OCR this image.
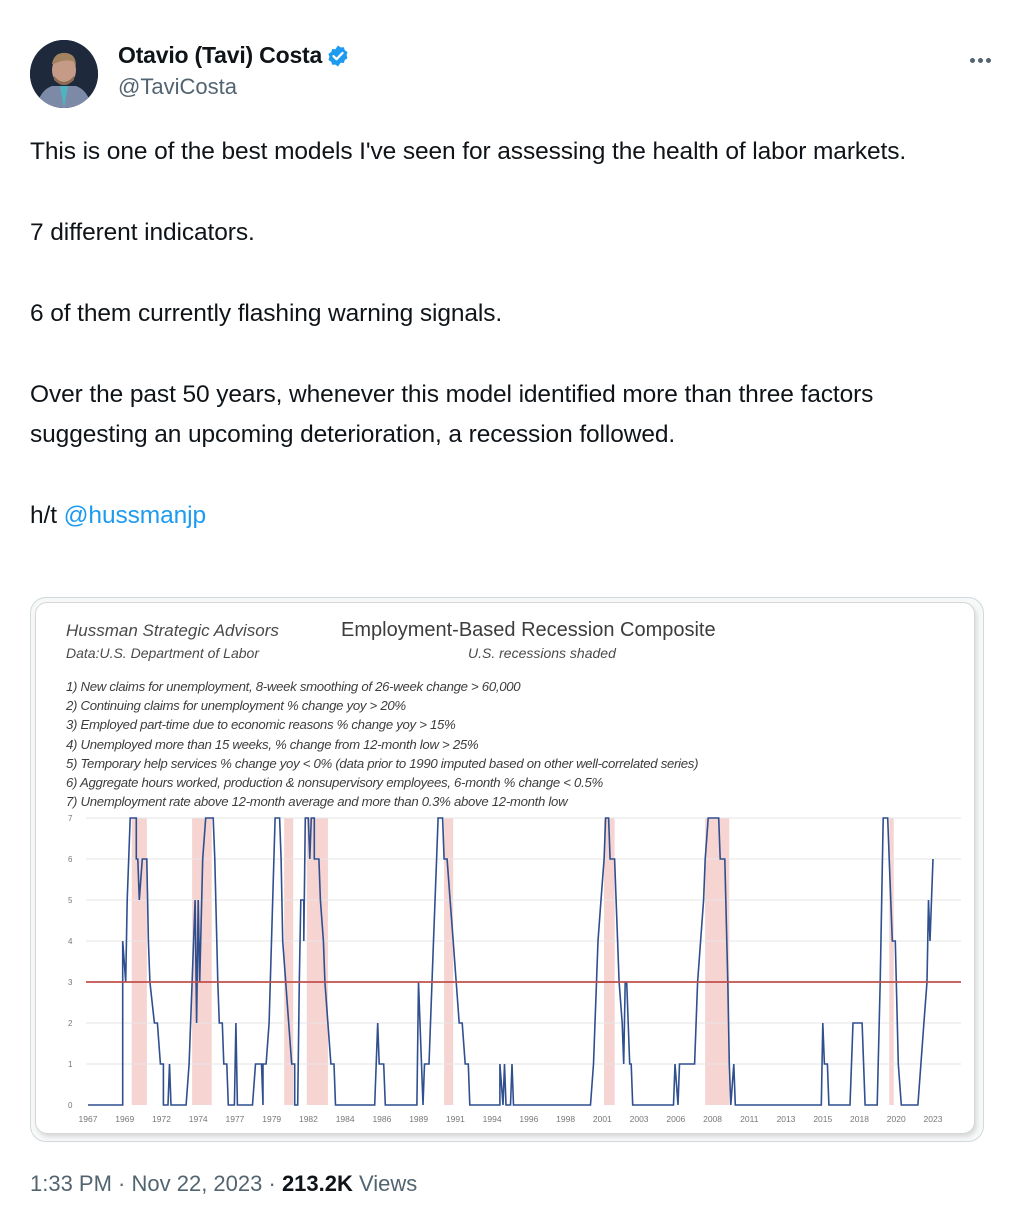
Otavio (Tavi) Costa
@TaviCosta

This is one of the best models I've seen for assessing the health of labor markets.

7 different indicators.

6 of them currently flashing warning signals.

Over the past 50 years, whenever this model identified more than three factors suggesting an upcoming deterioration, a recession followed.

h/t @hussmanjp

Hussman Strategic Advisors
Data:U.S. Department of Labor
Employment-Based Recession Composite
U.S. recessions shaded
1) New claims for unemployment, 8-week smoothing of 26-week change > 60,000
2) Continuing claims for unemployment % change yoy > 20%
3) Employed part-time due to economic reasons % change yoy > 15%
4) Unemployed more than 15 weeks, % change from 12-month low > 25%
5) Temporary help services % change yoy < 0% (data prior to 1990 imputed based on other well-correlated series)
6) Aggregate hours worked, production & nonsupervisory employees, 6-month % change < 0.5%
7) Unemployment rate above 12-month average and more than 0.3% above 12-month low
0
1
2
3
4
5
6
7
1967 1969 1972 1974 1977 1979 1982 1984 1986 1989 1991 1994 1996 1998 2001 2003 2006 2008 2011 2013 2015 2018 2020 2023
1:33 PM · Nov 22, 2023 · 213.2K Views
